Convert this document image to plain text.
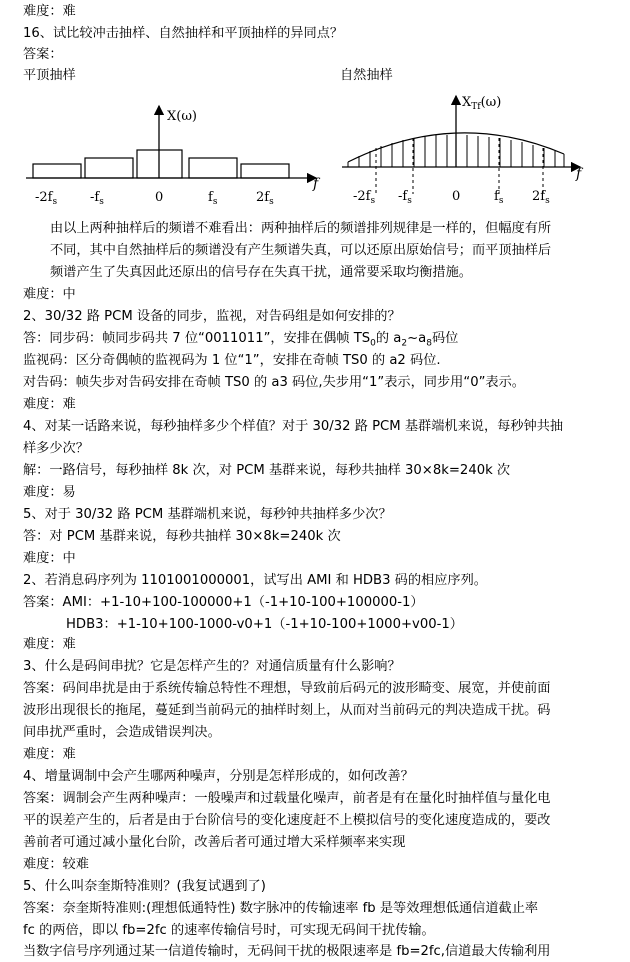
难度：难
16、试比较冲击抽样、自然抽样和平顶抽样的异同点？
答案：
平顶抽样	自然抽样
X(ω)
f
$-2f_s$	$-f_s$	0	$f_s$	$2f_s$
$X_{Tf}(\omega)$
f
$-2f_s$ $-f_s$	0	$f_s$ $2f_s$
由以上两种抽样后的频谱不难看出：两种抽样后的频谱排列规律是一样的，但幅度有所
不同，其中自然抽样后的频谱没有产生频谱失真，可以还原出原始信号；而平顶抽样后
频谱产生了失真因此还原出的信号存在失真干扰，通常要采取均衡措施。
难度：中
2、30/32 路 PCM 设备的同步，监视，对告码组是如何安排的？
答：同步码：帧同步码共 7 位“0011011”，安排在偶帧 $TS_0$的 $a_2\sim a_8$码位
监视码：区分奇偶帧的监视码为 1 位“1”，安排在奇帧 TS0 的 a2 码位.
对告码：帧失步对告码安排在奇帧 TS0 的 a3 码位,失步用“1”表示，同步用“0”表示。
难度：难
4、对某一话路来说，每秒抽样多少个样值？对于 30/32 路 PCM 基群端机来说，每秒钟共抽
样多少次？
解：一路信号，每秒抽样 8k 次，对 PCM 基群来说，每秒共抽样 30×8k=240k 次
难度：易
5、对于 30/32 路 PCM 基群端机来说，每秒钟共抽样多少次？
答：对 PCM 基群来说，每秒共抽样 30×8k=240k 次
难度：中
2、若消息码序列为 1101001000001，试写出 AMI 和 HDB3 码的相应序列。
答案：AMI：+1-10+100-100000+1（-1+10-100+100000-1）
HDB3：+1-10+100-1000-v0+1（-1+10-100+1000+v00-1）
难度：难
3、什么是码间串扰？它是怎样产生的？对通信质量有什么影响？
答案：码间串扰是由于系统传输总特性不理想，导致前后码元的波形畸变、展宽，并使前面
波形出现很长的拖尾，蔓延到当前码元的抽样时刻上，从而对当前码元的判决造成干扰。码
间串扰严重时，会造成错误判决。
难度：难
4、增量调制中会产生哪两种噪声，分别是怎样形成的，如何改善？
答案：调制会产生两种噪声：一般噪声和过载量化噪声，前者是有在量化时抽样值与量化电
平的误差产生的，后者是由于台阶信号的变化速度赶不上模拟信号的变化速度造成的，要改
善前者可通过减小量化台阶，改善后者可通过增大采样频率来实现
难度：较难
5、什么叫奈奎斯特准则？(我复试遇到了)
答案：奈奎斯特准则:(理想低通特性) 数字脉冲的传输速率 fb 是等效理想低通信道截止率
fc 的两倍，即以 fb=2fc 的速率传输信号时，可实现无码间干扰传输。
当数字信号序列通过某一信道传输时，无码间干扰的极限速率是 fb=2fc,信道最大传输利用
